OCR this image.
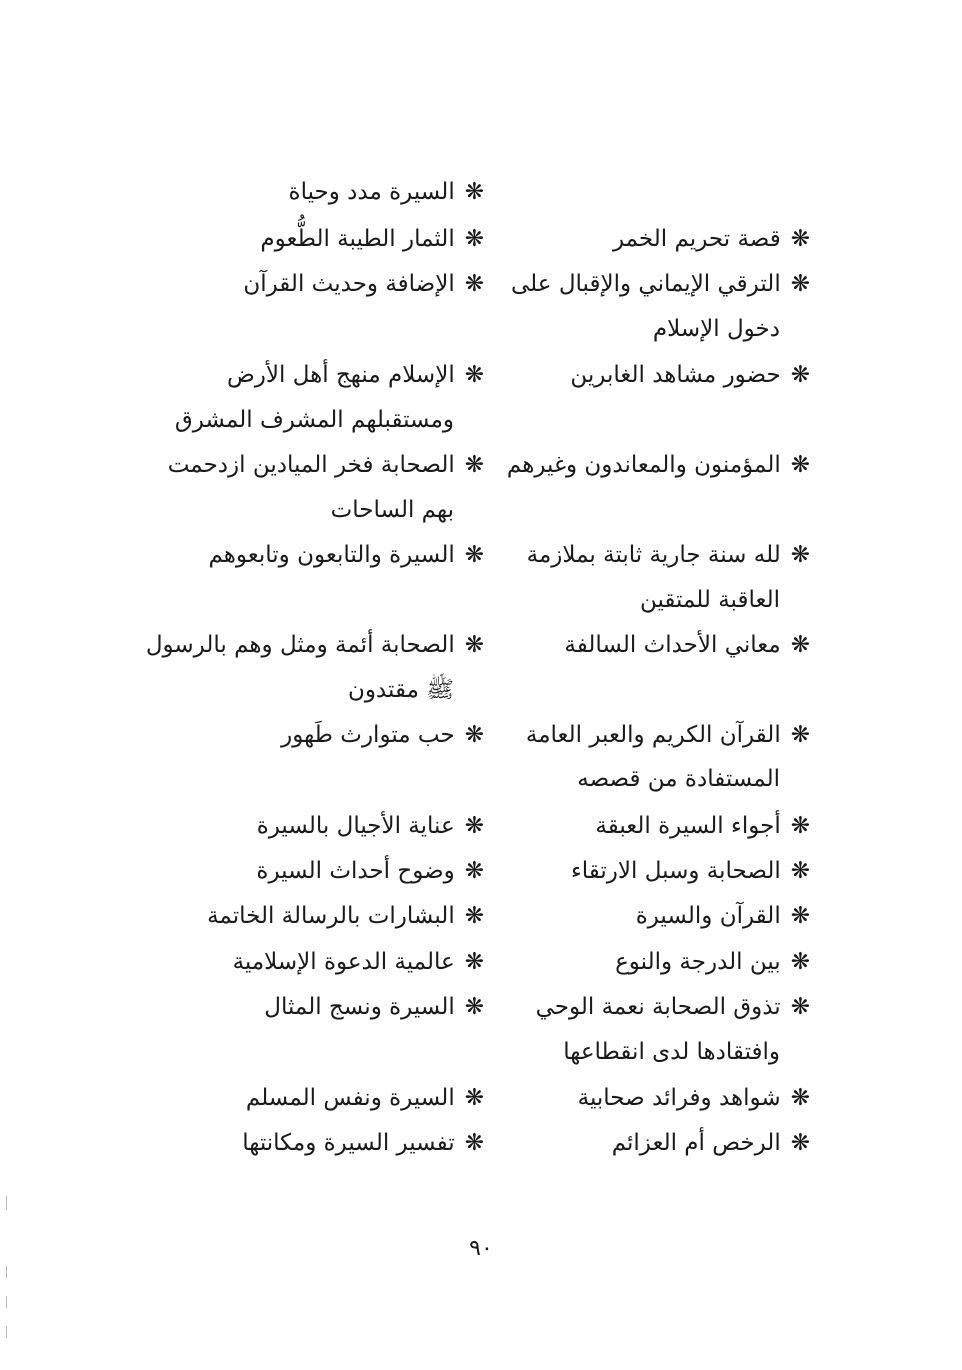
❋قصة تحريم الخمر
❋الترقي الإيماني والإقبال على
دخول الإسلام
❋حضور مشاهد الغابرين
❋المؤمنون والمعاندون وغيرهم
❋لله سنة جارية ثابتة بملازمة
العاقبة للمتقين
❋معاني الأحداث السالفة
❋القرآن الكريم والعبر العامة
المستفادة من قصصه
❋أجواء السيرة العبقة
❋الصحابة وسبل الارتقاء
❋القرآن والسيرة
❋بين الدرجة والنوع
❋تذوق الصحابة نعمة الوحي
وافتقادها لدى انقطاعها
❋شواهد وفرائد صحابية
❋الرخص أم العزائم
❋السيرة مدد وحياة
❋الثمار الطيبة الطُّعوم
❋الإضافة وحديث القرآن
❋الإسلام منهج أهل الأرض
ومستقبلهم المشرف المشرق
❋الصحابة فخر الميادين ازدحمت
بهم الساحات
❋السيرة والتابعون وتابعوهم
❋الصحابة أئمة ومثل وهم بالرسول
ﷺ مقتدون
❋حب متوارث طَهور
❋عناية الأجيال بالسيرة
❋وضوح أحداث السيرة
❋البشارات بالرسالة الخاتمة
❋عالمية الدعوة الإسلامية
❋السيرة ونسج المثال
❋السيرة ونفس المسلم
❋تفسير السيرة ومكانتها
٩٠
